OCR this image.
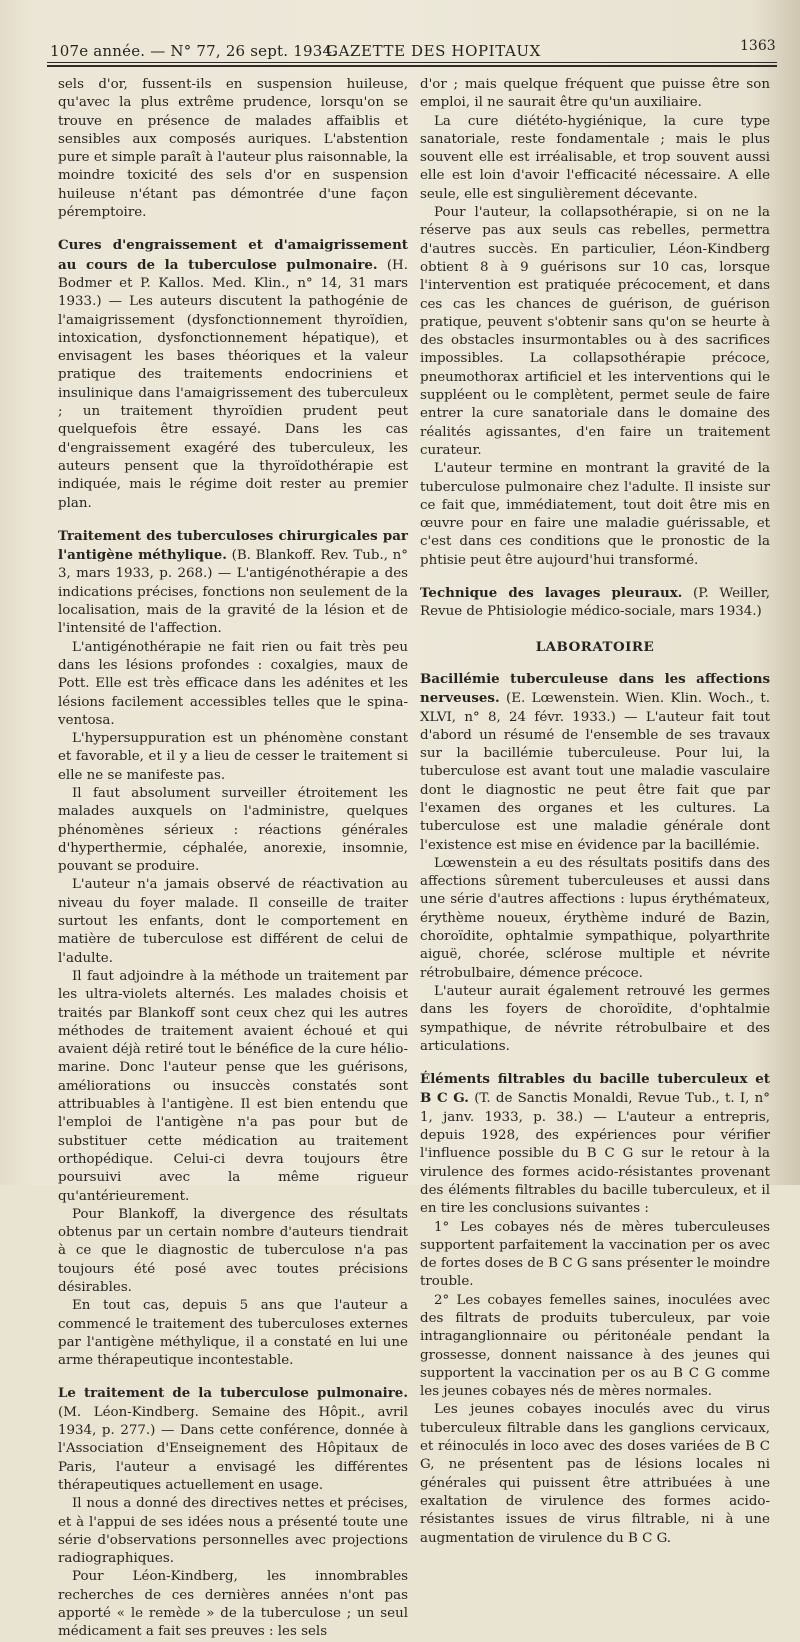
107e année. — N° 77, 26 sept. 1934.
GAZETTE DES HOPITAUX	1363

sels d'or, fussent-ils en suspension huileuse, qu'avec la plus extrême prudence, lorsqu'on se trouve en présence de malades affaiblis et sensibles aux composés auriques. L'abstention pure et simple paraît à l'auteur plus raisonnable, la moindre toxicité des sels d'or en suspension huileuse n'étant pas démontrée d'une façon péremptoire.

Cures d'engraissement et d'amaigrissement au cours de la tuberculose pulmonaire. (H. Bodmer et P. Kallos. Med. Klin., n° 14, 31 mars 1933.) — Les auteurs discutent la pathogénie de l'amaigrissement (dysfonctionnement thyroïdien, intoxication, dysfonctionnement hépatique), et envisagent les bases théoriques et la valeur pratique des traitements endocriniens et insulinique dans l'amaigrissement des tuberculeux ; un traitement thyroïdien prudent peut quelquefois être essayé. Dans les cas d'engraissement exagéré des tuberculeux, les auteurs pensent que la thyroïdothérapie est indiquée, mais le régime doit rester au premier plan.
Traitement des tuberculoses chirurgicales par l'antigène méthylique. (B. Blankoff. Rev. Tub., n° 3, mars 1933, p. 268.) — L'antigénothérapie a des indications précises, fonctions non seulement de la localisation, mais de la gravité de la lésion et de l'intensité de l'affection.

L'antigénothérapie ne fait rien ou fait très peu dans les lésions profondes : coxalgies, maux de Pott. Elle est très efficace dans les adénites et les lésions facilement accessibles telles que le spina-ventosa.

L'hypersuppuration est un phénomène constant et favorable, et il y a lieu de cesser le traitement si elle ne se manifeste pas.

Il faut absolument surveiller étroitement les malades auxquels on l'administre, quelques phénomènes sérieux : réactions générales d'hyperthermie, céphalée, anorexie, insomnie, pouvant se produire.

L'auteur n'a jamais observé de réactivation au niveau du foyer malade. Il conseille de traiter surtout les enfants, dont le comportement en matière de tuberculose est différent de celui de l'adulte.

Il faut adjoindre à la méthode un traitement par les ultra-violets alternés. Les malades choisis et traités par Blankoff sont ceux chez qui les autres méthodes de traitement avaient échoué et qui avaient déjà retiré tout le bénéfice de la cure hélio-marine. Donc l'auteur pense que les guérisons, améliorations ou insuccès constatés sont attribuables à l'antigène. Il est bien entendu que l'emploi de l'antigène n'a pas pour but de substituer cette médication au traitement orthopédique. Celui-ci devra toujours être poursuivi avec la même rigueur qu'antérieurement.

Pour Blankoff, la divergence des résultats obtenus par un certain nombre d'auteurs tiendrait à ce que le diagnostic de tuberculose n'a pas toujours été posé avec toutes précisions désirables.

En tout cas, depuis 5 ans que l'auteur a commencé le traitement des tuberculoses externes par l'antigène méthylique, il a constaté en lui une arme thérapeutique incontestable.

Le traitement de la tuberculose pulmonaire. (M. Léon-Kindberg. Semaine des Hôpit., avril 1934, p. 277.) — Dans cette conférence, donnée à l'Association d'Enseignement des Hôpitaux de Paris, l'auteur a envisagé les différentes thérapeutiques actuellement en usage.

Il nous a donné des directives nettes et précises, et à l'appui de ses idées nous a présenté toute une série d'observations personnelles avec projections radiographiques.

Pour Léon-Kindberg, les innombrables recherches de ces dernières années n'ont pas apporté « le remède » de la tuberculose ; un seul médicament a fait ses preuves : les sels

d'or ; mais quelque fréquent que puisse être son emploi, il ne saurait être qu'un auxiliaire.

La cure diététo-hygiénique, la cure type sanatoriale, reste fondamentale ; mais le plus souvent elle est irréalisable, et trop souvent aussi elle est loin d'avoir l'efficacité nécessaire. A elle seule, elle est singulièrement décevante.

Pour l'auteur, la collapsothérapie, si on ne la réserve pas aux seuls cas rebelles, permettra d'autres succès. En particulier, Léon-Kindberg obtient 8 à 9 guérisons sur 10 cas, lorsque l'intervention est pratiquée précocement, et dans ces cas les chances de guérison, de guérison pratique, peuvent s'obtenir sans qu'on se heurte à des obstacles insurmontables ou à des sacrifices impossibles. La collapsothérapie précoce, pneumothorax artificiel et les interventions qui le suppléent ou le complètent, permet seule de faire entrer la cure sanatoriale dans le domaine des réalités agissantes, d'en faire un traitement curateur.

L'auteur termine en montrant la gravité de la tuberculose pulmonaire chez l'adulte. Il insiste sur ce fait que, immédiatement, tout doit être mis en œuvre pour en faire une maladie guérissable, et c'est dans ces conditions que le pronostic de la phtisie peut être aujourd'hui transformé.

Technique des lavages pleuraux. (P. Weiller, Revue de Phtisiologie médico-sociale, mars 1934.)
LABORATOIRE
Bacillémie tuberculeuse dans les affections nerveuses. (E. Lœwenstein. Wien. Klin. Woch., t. XLVI, n° 8, 24 févr. 1933.) — L'auteur fait tout d'abord un résumé de l'ensemble de ses travaux sur la bacillémie tuberculeuse. Pour lui, la tuberculose est avant tout une maladie vasculaire dont le diagnostic ne peut être fait que par l'examen des organes et les cultures. La tuberculose est une maladie générale dont l'existence est mise en évidence par la bacillémie.

Lœwenstein a eu des résultats positifs dans des affections sûrement tuberculeuses et aussi dans une série d'autres affections : lupus érythémateux, érythème noueux, érythème induré de Bazin, choroïdite, ophtalmie sympathique, polyarthrite aiguë, chorée, sclérose multiple et névrite rétrobulbaire, démence précoce.

L'auteur aurait également retrouvé les germes dans les foyers de choroïdite, d'ophtalmie sympathique, de névrite rétrobulbaire et des articulations.

Éléments filtrables du bacille tuberculeux et B C G. (T. de Sanctis Monaldi, Revue Tub., t. I, n° 1, janv. 1933, p. 38.) — L'auteur a entrepris, depuis 1928, des expériences pour vérifier l'influence possible du B C G sur le retour à la virulence des formes acido-résistantes provenant des éléments filtrables du bacille tuberculeux, et il en tire les conclusions suivantes :

1° Les cobayes nés de mères tuberculeuses supportent parfaitement la vaccination per os avec de fortes doses de B C G sans présenter le moindre trouble.

2° Les cobayes femelles saines, inoculées avec des filtrats de produits tuberculeux, par voie intraganglionnaire ou péritonéale pendant la grossesse, donnent naissance à des jeunes qui supportent la vaccination per os au B C G comme les jeunes cobayes nés de mères normales.

Les jeunes cobayes inoculés avec du virus tuberculeux filtrable dans les ganglions cervicaux, et réinoculés in loco avec des doses variées de B C G, ne présentent pas de lésions locales ni générales qui puissent être attribuées à une exaltation de virulence des formes acido-résistantes issues de virus filtrable, ni à une augmentation de virulence du B C G.
